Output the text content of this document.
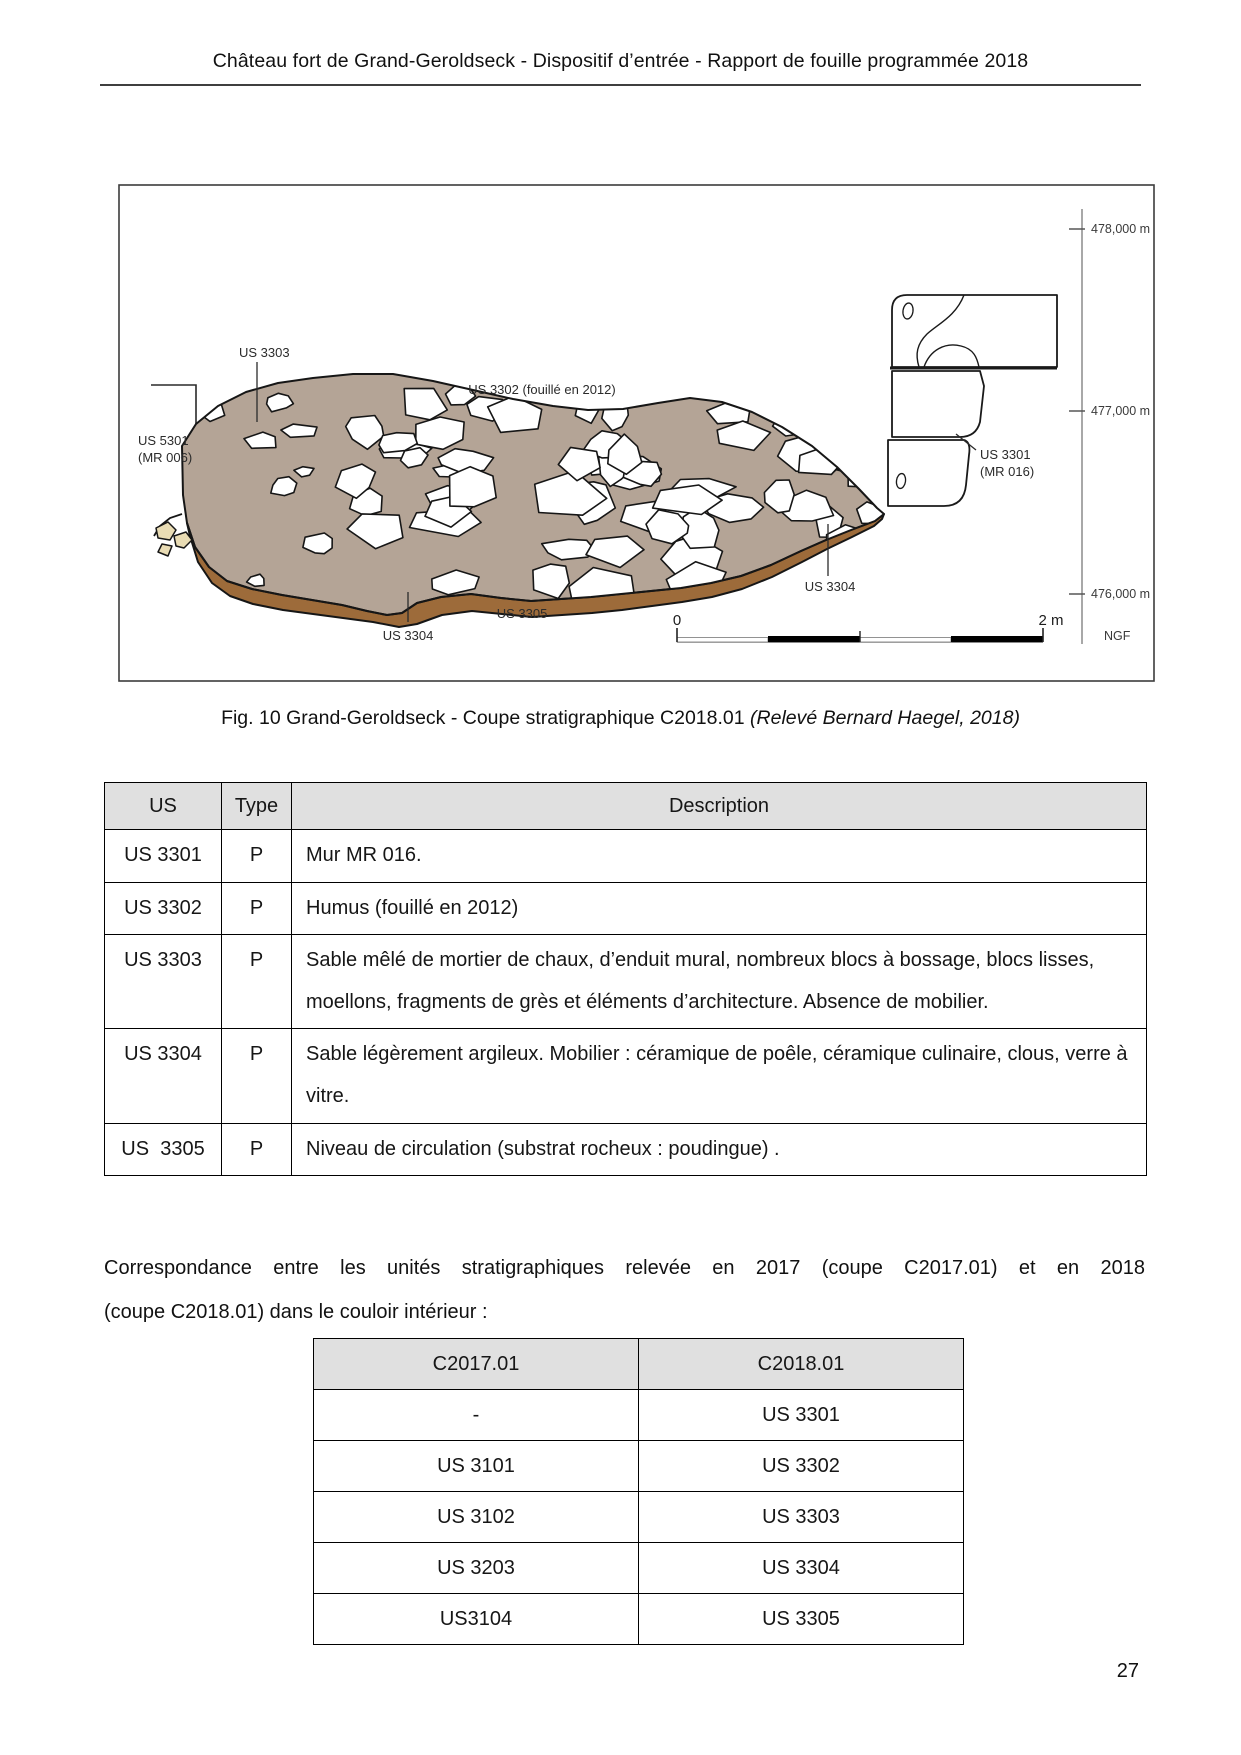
Château fort de Grand-Geroldseck - Dispositif d’entrée - Rapport de fouille programmée 2018
478,000 m
477,000 m
476,000 m
NGF
US 3303
US 3302 (fouillé en 2012)
US 5301
(MR 006)	US 3301
(MR 016)
US 3304
US 3305
US 3304
0	2 m
Fig. 10 Grand-Geroldseck - Coupe stratigraphique C2018.01 (Relevé Bernard Haegel, 2018)
US	Type	Description
US 3301	P	Mur MR 016.
US 3302	P	Humus (fouillé en 2012)
US 3303	P	Sable mêlé de mortier de chaux, d’enduit mural, nombreux blocs à bossage, blocs lisses, moellons, fragments de grès et éléments d’architecture. Absence de mobilier.
US 3304	P	Sable légèrement argileux. Mobilier : céramique de poêle, céramique culinaire, clous, verre à vitre.
US  3305	P	Niveau de circulation (substrat rocheux : poudingue) .

Correspondance entre les unités stratigraphiques relevée en 2017 (coupe C2017.01) et en 2018
(coupe C2018.01) dans le couloir intérieur :

C2017.01	C2018.01
-	US 3301
US 3101	US 3302
US 3102	US 3303
US 3203	US 3304
US3104	US 3305
27
